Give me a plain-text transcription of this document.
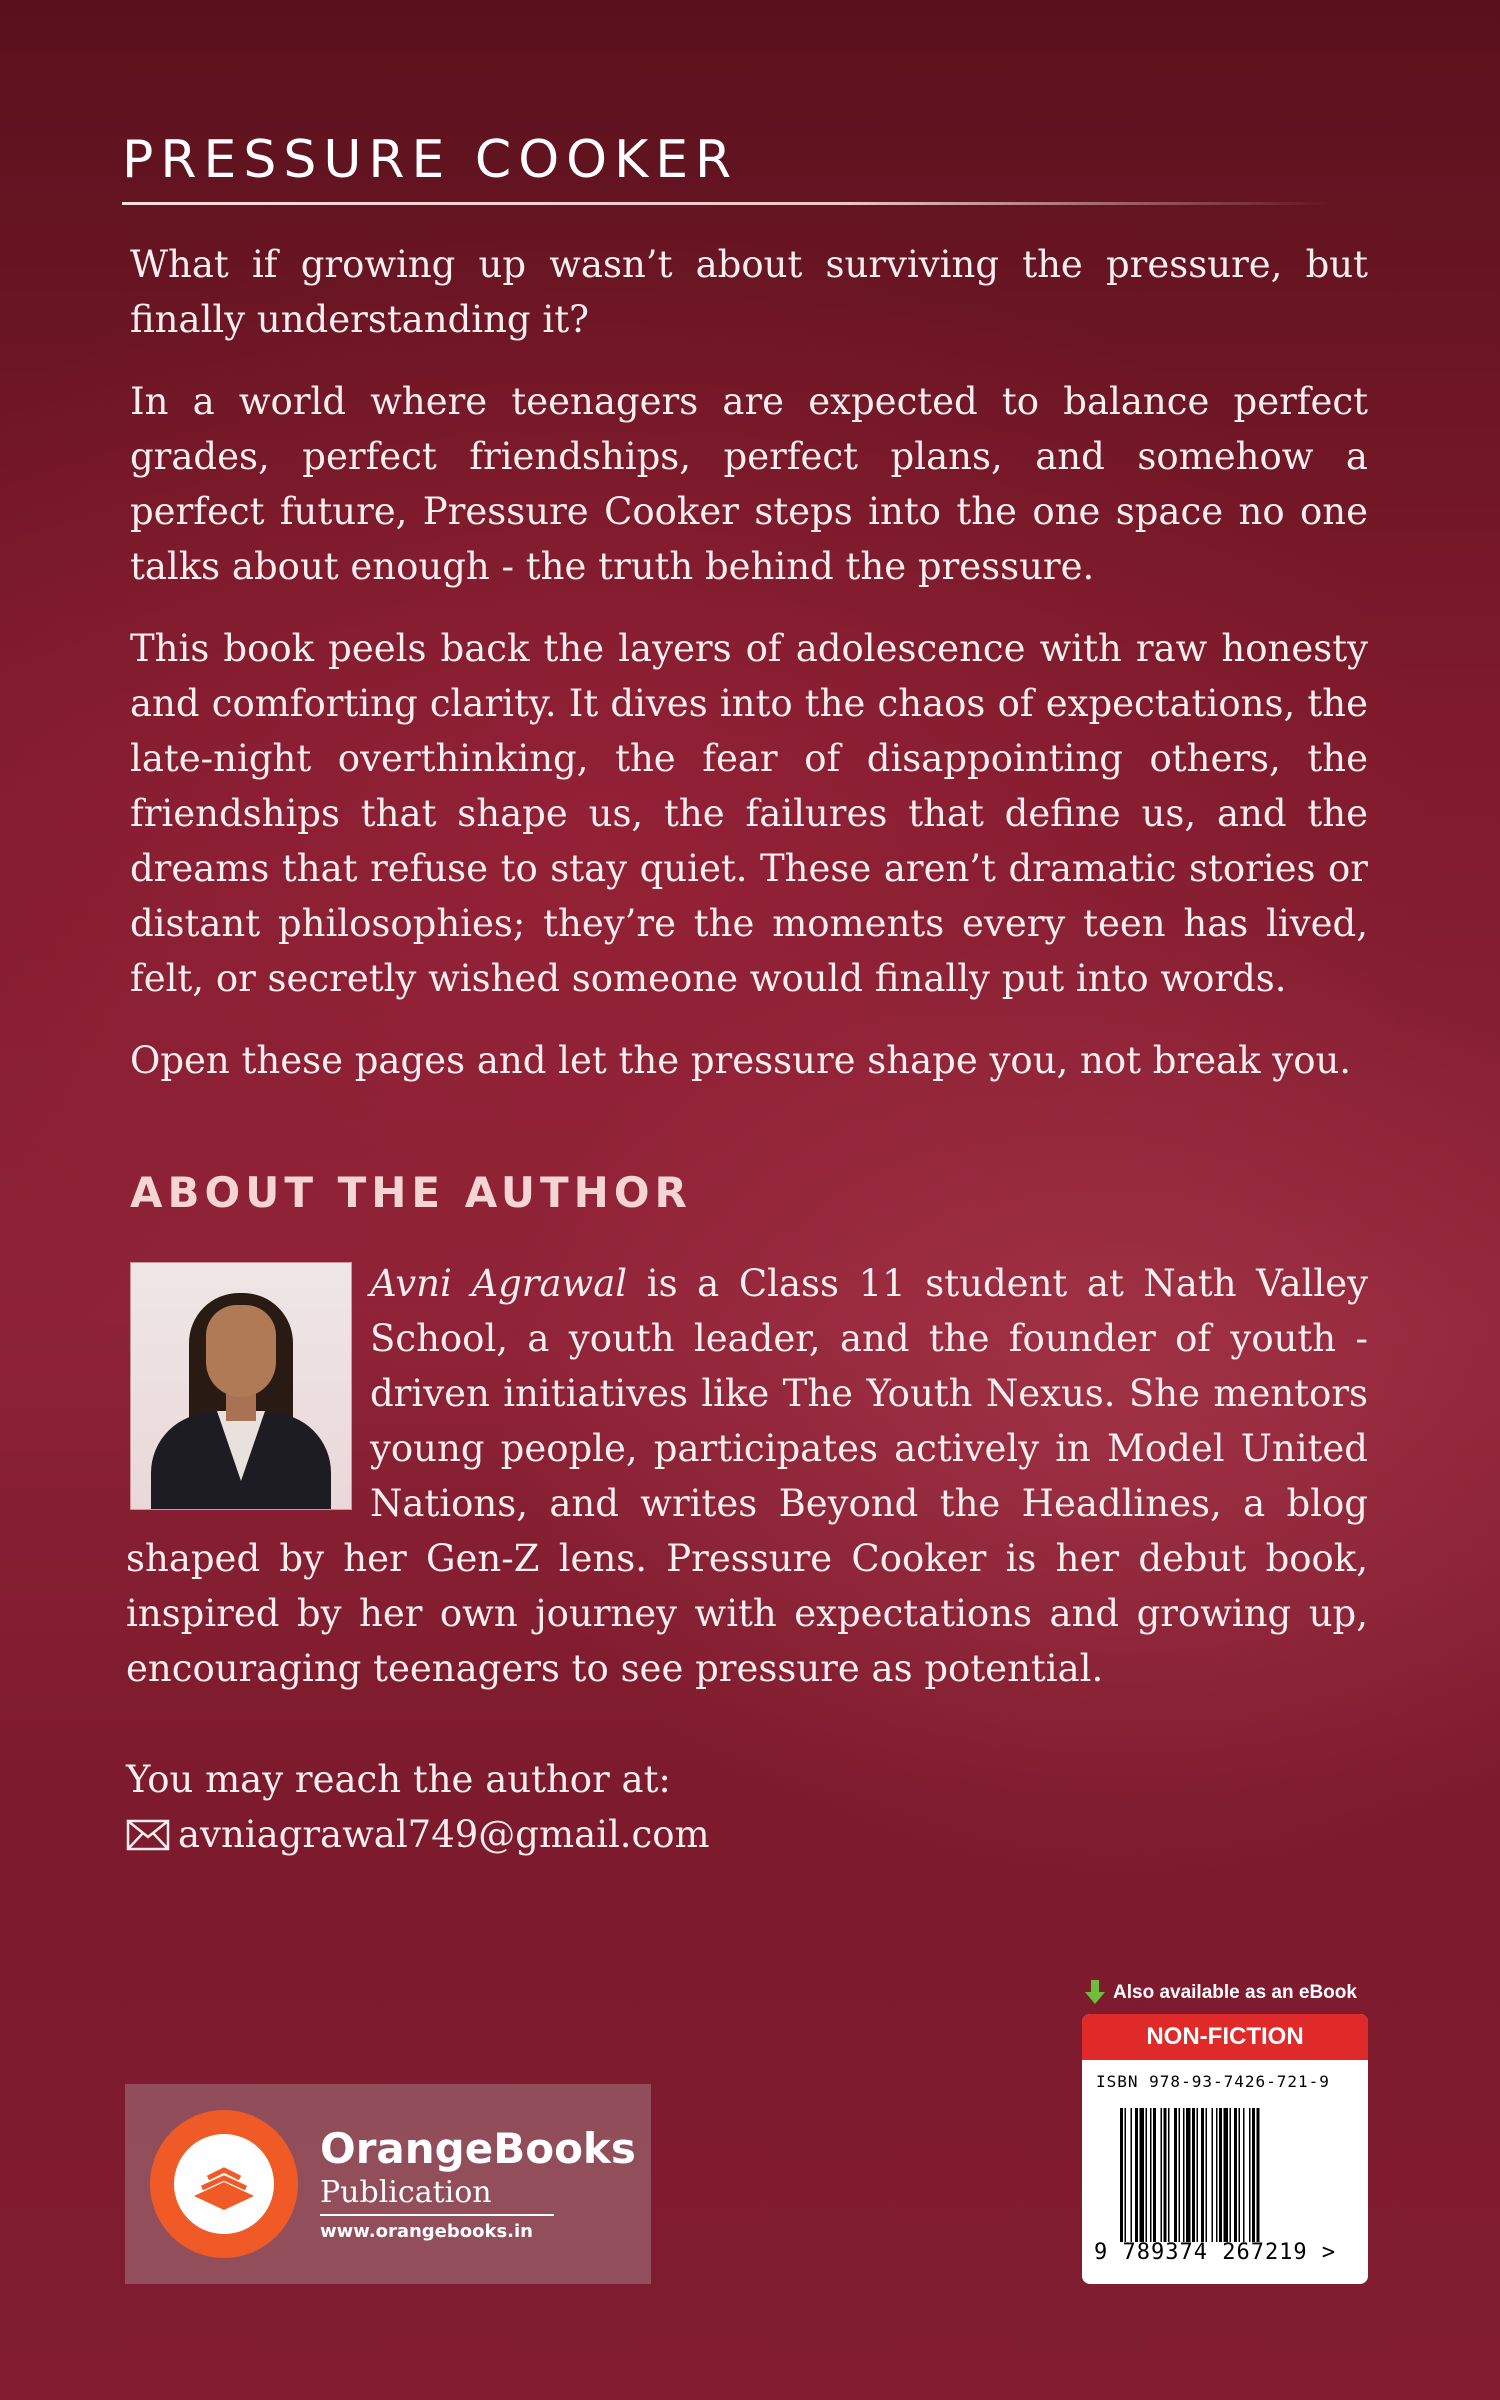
PRESSURE COOKER

What if growing up wasn’t about surviving the pressure, but finally understanding it?

In a world where teenagers are expected to balance perfect grades, perfect friendships, perfect plans, and somehow a perfect future, Pressure Cooker steps into the one space no one talks about enough - the truth behind the pressure.

This book peels back the layers of adolescence with raw honesty and comforting clarity. It dives into the chaos of expectations, the late-night overthinking, the fear of disappointing others, the friendships that shape us, the failures that define us, and the dreams that refuse to stay quiet. These aren’t dramatic stories or distant philosophies; they’re the moments every teen has lived, felt, or secretly wished someone would finally put into words.

Open these pages and let the pressure shape you, not break you.

ABOUT THE AUTHOR

Avni Agrawal is a Class 11 student at Nath Valley School, a youth leader, and the founder of youth -driven initiatives like The Youth Nexus. She mentors young people, participates actively in Model United Nations, and writes Beyond the Headlines, a blog shaped by her Gen-Z lens. Pressure Cooker is her debut book, inspired by her own journey with expectations and growing up, encouraging teenagers to see pressure as potential.

You may reach the author at:
avniagrawal749@gmail.com
OrangeBooks
Publication
www.orangebooks.in
Also available as an eBook
NON-FICTION
ISBN 978-93-7426-721-9
9 789374 267219 >
